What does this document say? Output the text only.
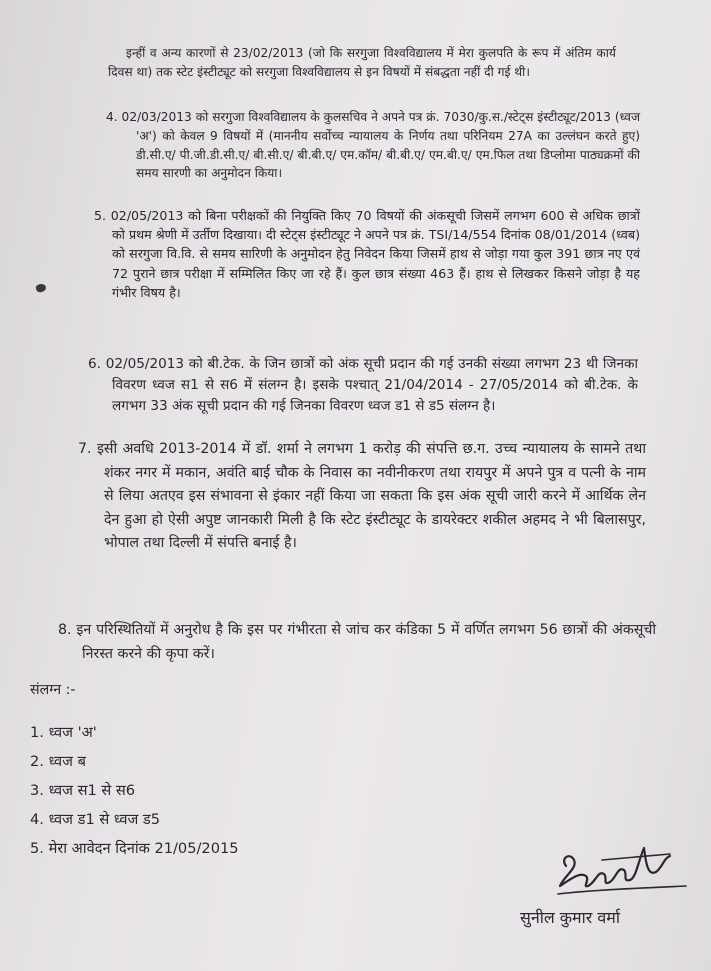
इन्हीं व अन्य कारणों से 23/02/2013 (जो कि सरगुजा विश्वविद्यालय में मेरा कुलपति के रूप में अंतिम कार्य दिवस था) तक स्टेट इंस्टीट्यूट को सरगुजा विश्वविद्यालय से इन विषयों में संबद्धता नहीं दी गई थी।

4. 02/03/2013 को सरगुजा विश्वविद्यालय के कुलसचिव ने अपने पत्र क्रं. 7030/कु.स./स्टेट्स इंस्टीट्यूट/2013 (ध्वज 'अ') को केवल 9 विषयों में (माननीय सर्वोच्च न्यायालय के निर्णय तथा परिनियम 27A का उल्लंघन करते हुए) डी.सी.ए/ पी.जी.डी.सी.ए/ बी.सी.ए/ बी.बी.ए/ एम.कॉम/ बी.बी.ए/ एम.बी.ए/ एम.फिल तथा डिप्लोमा पाठ्यक्रमों की समय सारणी का अनुमोदन किया।

5. 02/05/2013 को बिना परीक्षकों की नियुक्ति किए 70 विषयों की अंकसूची जिसमें लगभग 600 से अधिक छात्रों को प्रथम श्रेणी में उर्तीण दिखाया। दी स्टेट्स इंस्टीट्यूट ने अपने पत्र क्रं. TSI/14/554 दिनांक 08/01/2014 (ध्वब) को सरगुजा वि.वि. से समय सारिणी के अनुमोदन हेतु निवेदन किया जिसमें हाथ से जोड़ा गया कुल 391 छात्र नए एवं 72 पुराने छात्र परीक्षा में सम्मिलित किए जा रहे हैं। कुल छात्र संख्या 463 हैं। हाथ से लिखकर किसने जोड़ा है यह गंभीर विषय है।

6. 02/05/2013 को बी.टेक. के जिन छात्रों को अंक सूची प्रदान की गई उनकी संख्या लगभग 23 थी जिनका विवरण ध्वज स1 से स6 में संलग्न है। इसके पश्चात् 21/04/2014 - 27/05/2014 को बी.टेक. के लगभग 33 अंक सूची प्रदान की गई जिनका विवरण ध्वज ड1 से ड5 संलग्न है।

7. इसी अवधि 2013-2014 में डॉ. शर्मा ने लगभग 1 करोड़ की संपत्ति छ.ग. उच्च न्यायालय के सामने तथा शंकर नगर में मकान, अवंति बाई चौक के निवास का नवीनीकरण तथा रायपुर में अपने पुत्र व पत्नी के नाम से लिया अतएव इस संभावना से इंकार नहीं किया जा सकता कि इस अंक सूची जारी करने में आर्थिक लेन देन हुआ हो ऐसी अपुष्ट जानकारी मिली है कि स्टेट इंस्टीट्यूट के डायरेक्टर शकील अहमद ने भी बिलासपुर, भोपाल तथा दिल्ली में संपत्ति बनाई है।

8. इन परिस्थितियों में अनुरोध है कि इस पर गंभीरता से जांच कर कंडिका 5 में वर्णित लगभग 56 छात्रों की अंकसूची निरस्त करने की कृपा करें।

संलग्न :-
1. ध्वज 'अ'
2. ध्वज ब
3. ध्वज स1 से स6
4. ध्वज ड1 से ध्वज ड5
5. मेरा आवेदन दिनांक 21/05/2015
सुनील कुमार वर्मा
